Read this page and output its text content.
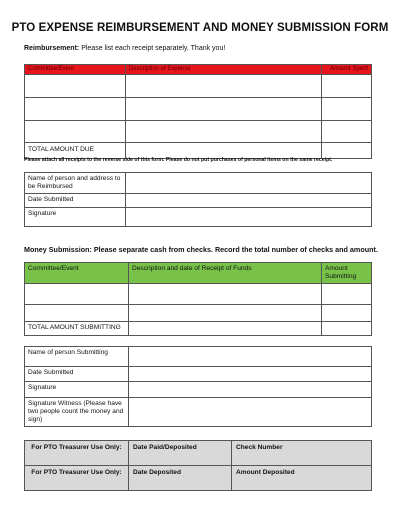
PTO EXPENSE REIMBURSEMENT AND MONEY SUBMISSION FORM
Reimbursement: Please list each receipt separately. Thank you!
Committee/Event	Description of Expense	Amount Spent

TOTAL AMOUNT DUE		
Please attach all receipts to the reverse side of this form. Please do not put purchases of personal items on the same receipt.
Name of person and address to be Reimbursed	
Date Submitted	
Signature	
Money Submission: Please separate cash from checks. Record the total number of checks and amount.
Committee/Event	Description and date of Receipt of Funds	Amount Submitting

TOTAL AMOUNT SUBMITTING		
Name of person Submitting	
Date Submitted	
Signature	
Signature Witness (Please have two people count the money and sign)	
For PTO Treasurer Use Only:	Date Paid/Deposited	Check Number
For PTO Treasurer Use Only:	Date Deposited	Amount Deposited
